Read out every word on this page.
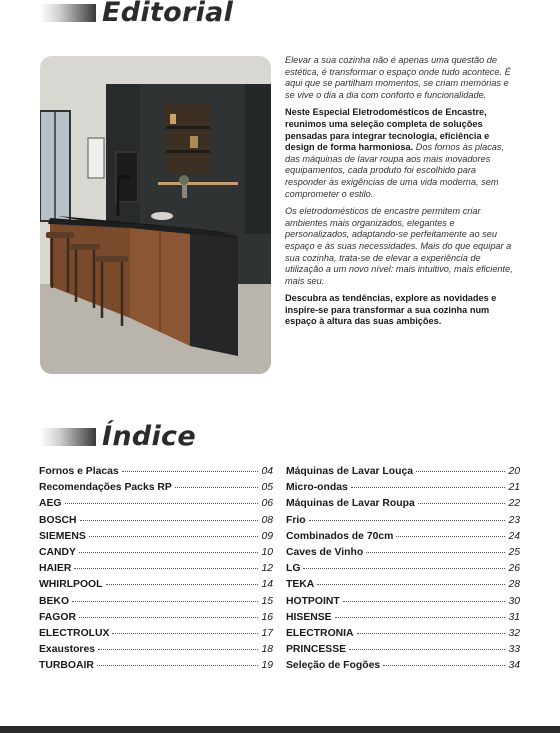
Editorial

Elevar a sua cozinha não é apenas uma questão de estética, é transformar o espaço onde tudo acontece. É aqui que se partilham momentos, se criam memórias e se vive o dia a dia com conforto e funcionalidade.

Neste Especial Eletrodomésticos de Encastre, reunimos uma seleção completa de soluções pensadas para integrar tecnologia, eficiência e design de forma harmoniosa. Dos fornos às placas, das máquinas de lavar roupa aos mais inovadores equipamentos, cada produto foi escolhido para responder às exigências de uma vida moderna, sem comprometer o estilo.

Os eletrodomésticos de encastre permitem criar ambientes mais organizados, elegantes e personalizados, adaptando-se perfeitamente ao seu espaço e às suas necessidades. Mais do que equipar a sua cozinha, trata-se de elevar a experiência de utilização a um novo nível: mais intuitivo, mais eficiente, mais seu.

Descubra as tendências, explore as novidades e inspire-se para transformar a sua cozinha num espaço à altura das suas ambições.

Índice
Fornos e Placas	04
Recomendações Packs RP	05
AEG	06
BOSCH	08
SIEMENS	09
CANDY	10
HAIER	12
WHIRLPOOL	14
BEKO	15
FAGOR	16
ELECTROLUX	17
Exaustores	18
TURBOAIR	19
Máquinas de Lavar Louça	20
Micro-ondas	21
Máquinas de Lavar Roupa	22
Frio	23
Combinados de 70cm	24
Caves de Vinho	25
LG	26
TEKA	28
HOTPOINT	30
HISENSE	31
ELECTRONIA	32
PRINCESSE	33
Seleção de Fogões	34
